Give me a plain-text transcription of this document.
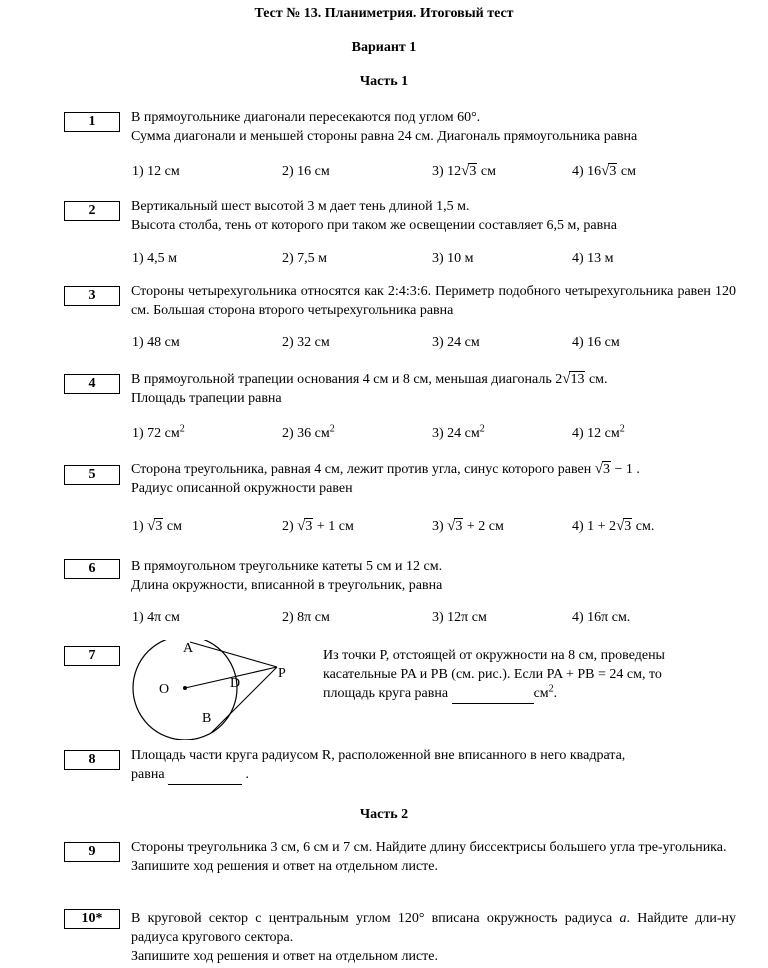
Тест № 13. Планиметрия. Итоговый тест
Вариант 1
Часть 1
1	В прямоугольнике диагонали пересекаются под углом 60°.

Сумма диагонали и меньшей стороны равна 24 см. Диагональ прямоугольника равна

1) 12 см	2) 16 см	3) 12√3 см	4) 16√3 см
2	Вертикальный шест высотой 3 м дает тень длиной 1,5 м.

Высота столба, тень от которого при таком же освещении составляет 6,5 м, равна

1) 4,5 м	2) 7,5 м	3) 10 м	4) 13 м
3	Стороны четырехугольника относятся как 2:4:3:6. Периметр подобного четырехугольника равен 120 см. Большая сторона второго четырехугольника равна

1) 48 см	2) 32 см	3) 24 см	4) 16 см
4	В прямоугольной трапеции основания 4 см и 8 см, меньшая диагональ 2√13 см.

Площадь трапеции равна

1) 72 $см^2$	2) 36 $см^2$	3) 24 $см^2$	4) 12 $см^2$
5	Сторона треугольника, равная 4 см, лежит против угла, синус которого равен √3 − 1 .

Радиус описанной окружности равен

1) √3 см	2) √3 + 1 см	3) √3 + 2 см	4) 1 + 2√3 см.
6	В прямоугольном треугольнике катеты 5 см и 12 см.

Длина окружности, вписанной в треугольник, равна

1) 4π см	2) 8π см	3) 12π см	4) 16π см.
7	Из точки P, отстоящей от окружности на 8 см, проведены

касательные PA и PB (см. рис.). Если PA + PB = 24 см, то

площадь круга равна	$см^2$.

A
B
O	D
P
8	Площадь части круга радиусом R, расположенной вне вписанного в него квадрата,

равна	.

Часть 2
9	Стороны треугольника 3 см, 6 см и 7 см. Найдите длину биссектрисы большего угла тре-угольника.

Запишите ход решения и ответ на отдельном листе.

10*	В круговой сектор с центральным углом 120° вписана окружность радиуса a. Найдите дли-ну радиуса кругового сектора.

Запишите ход решения и ответ на отдельном листе.
